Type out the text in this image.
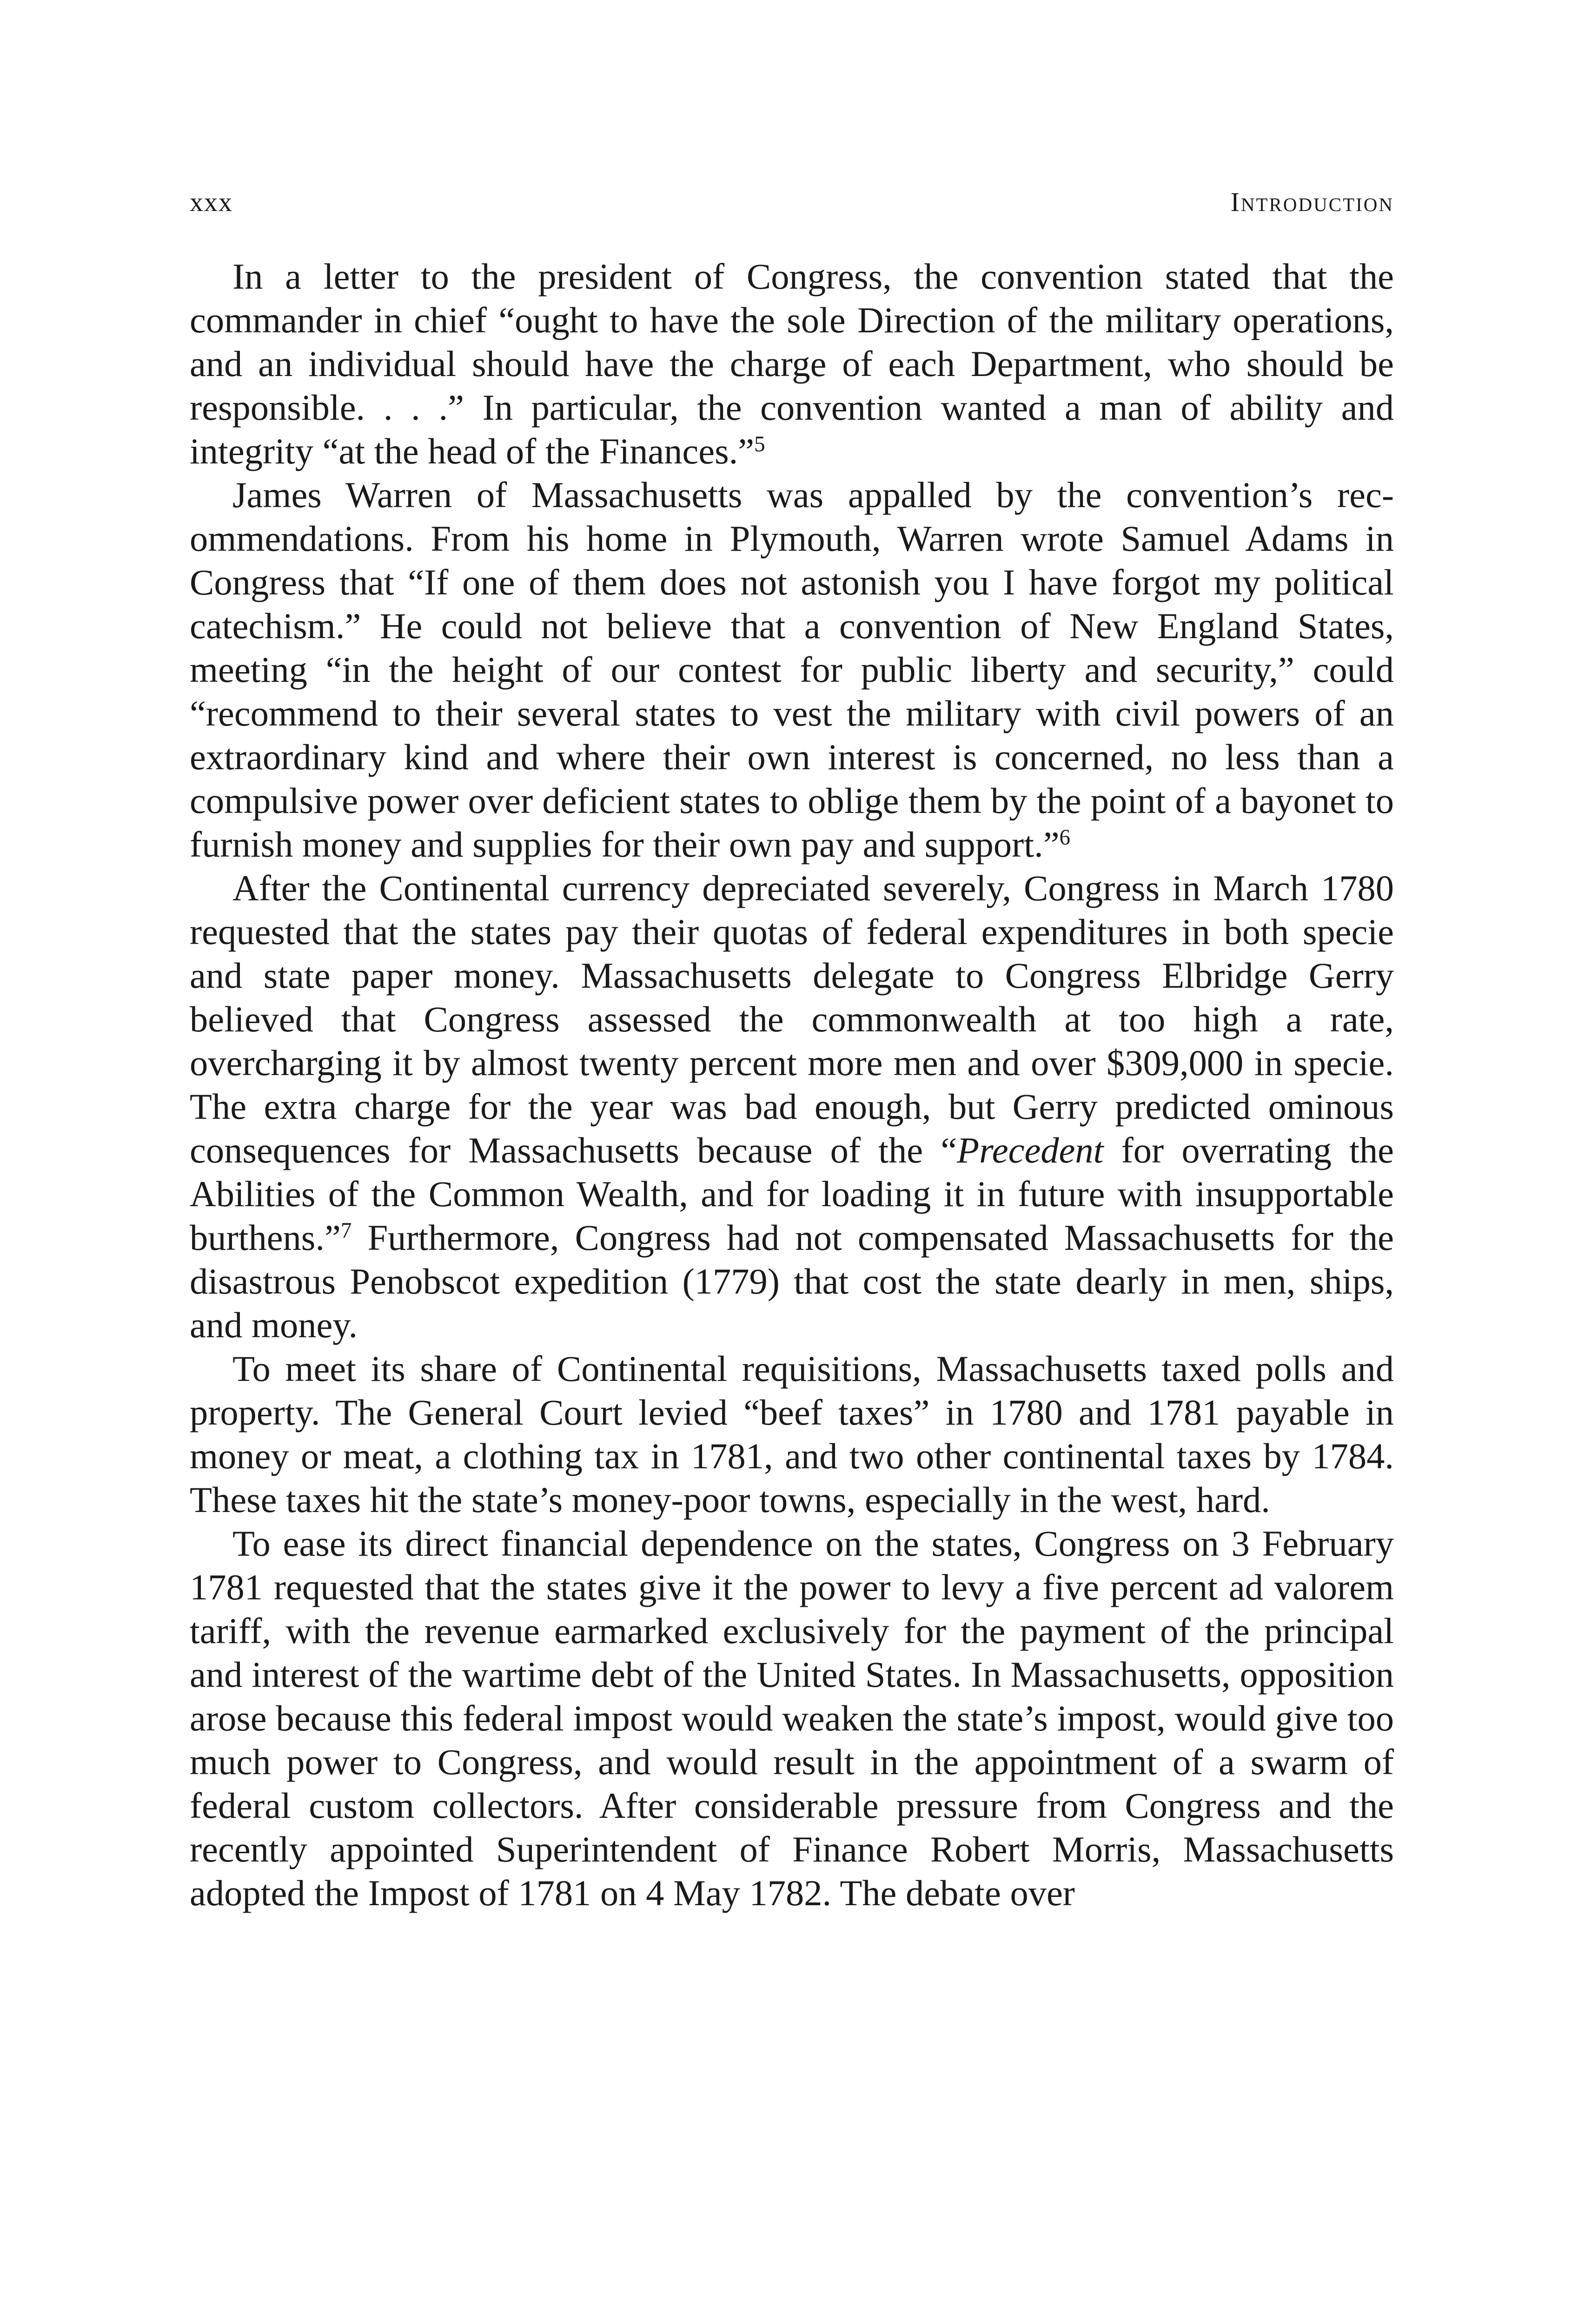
xxx	Introduction

In a letter to the president of Congress, the convention stated that the commander in chief “ought to have the sole Direction of the military operations, and an individual should have the charge of each Department, who should be responsible. . . .” In particular, the convention wanted a man of ability and integrity “at the head of the Finances.”$^5$

James Warren of Massachusetts was appalled by the convention’s recommendations. From his home in Plymouth, Warren wrote Samuel Adams in Congress that “If one of them does not astonish you I have forgot my political catechism.” He could not believe that a convention of New England States, meeting “in the height of our contest for public liberty and security,” could “recommend to their several states to vest the military with civil powers of an extraordinary kind and where their own interest is concerned, no less than a compulsive power over deficient states to oblige them by the point of a bayonet to furnish money and supplies for their own pay and support.”$^6$

After the Continental currency depreciated severely, Congress in March 1780 requested that the states pay their quotas of federal expenditures in both specie and state paper money. Massachusetts delegate to Congress Elbridge Gerry believed that Congress assessed the commonwealth at too high a rate, overcharging it by almost twenty percent more men and over $309,000 in specie. The extra charge for the year was bad enough, but Gerry predicted ominous consequences for Massachusetts because of the “Precedent for overrating the Abilities of the Common Wealth, and for loading it in future with insupportable burthens.”$^7$ Furthermore, Congress had not compensated Massachusetts for the disastrous Penobscot expedition (1779) that cost the state dearly in men, ships, and money.

To meet its share of Continental requisitions, Massachusetts taxed polls and property. The General Court levied “beef taxes” in 1780 and 1781 payable in money or meat, a clothing tax in 1781, and two other continental taxes by 1784. These taxes hit the state’s money-poor towns, especially in the west, hard.

To ease its direct financial dependence on the states, Congress on 3 February 1781 requested that the states give it the power to levy a five percent ad valorem tariff, with the revenue earmarked exclusively for the payment of the principal and interest of the wartime debt of the United States. In Massachusetts, opposition arose because this federal impost would weaken the state’s impost, would give too much power to Congress, and would result in the appointment of a swarm of federal custom collectors. After considerable pressure from Congress and the recently appointed Superintendent of Finance Robert Morris, Massachusetts adopted the Impost of 1781 on 4 May 1782. The debate over
